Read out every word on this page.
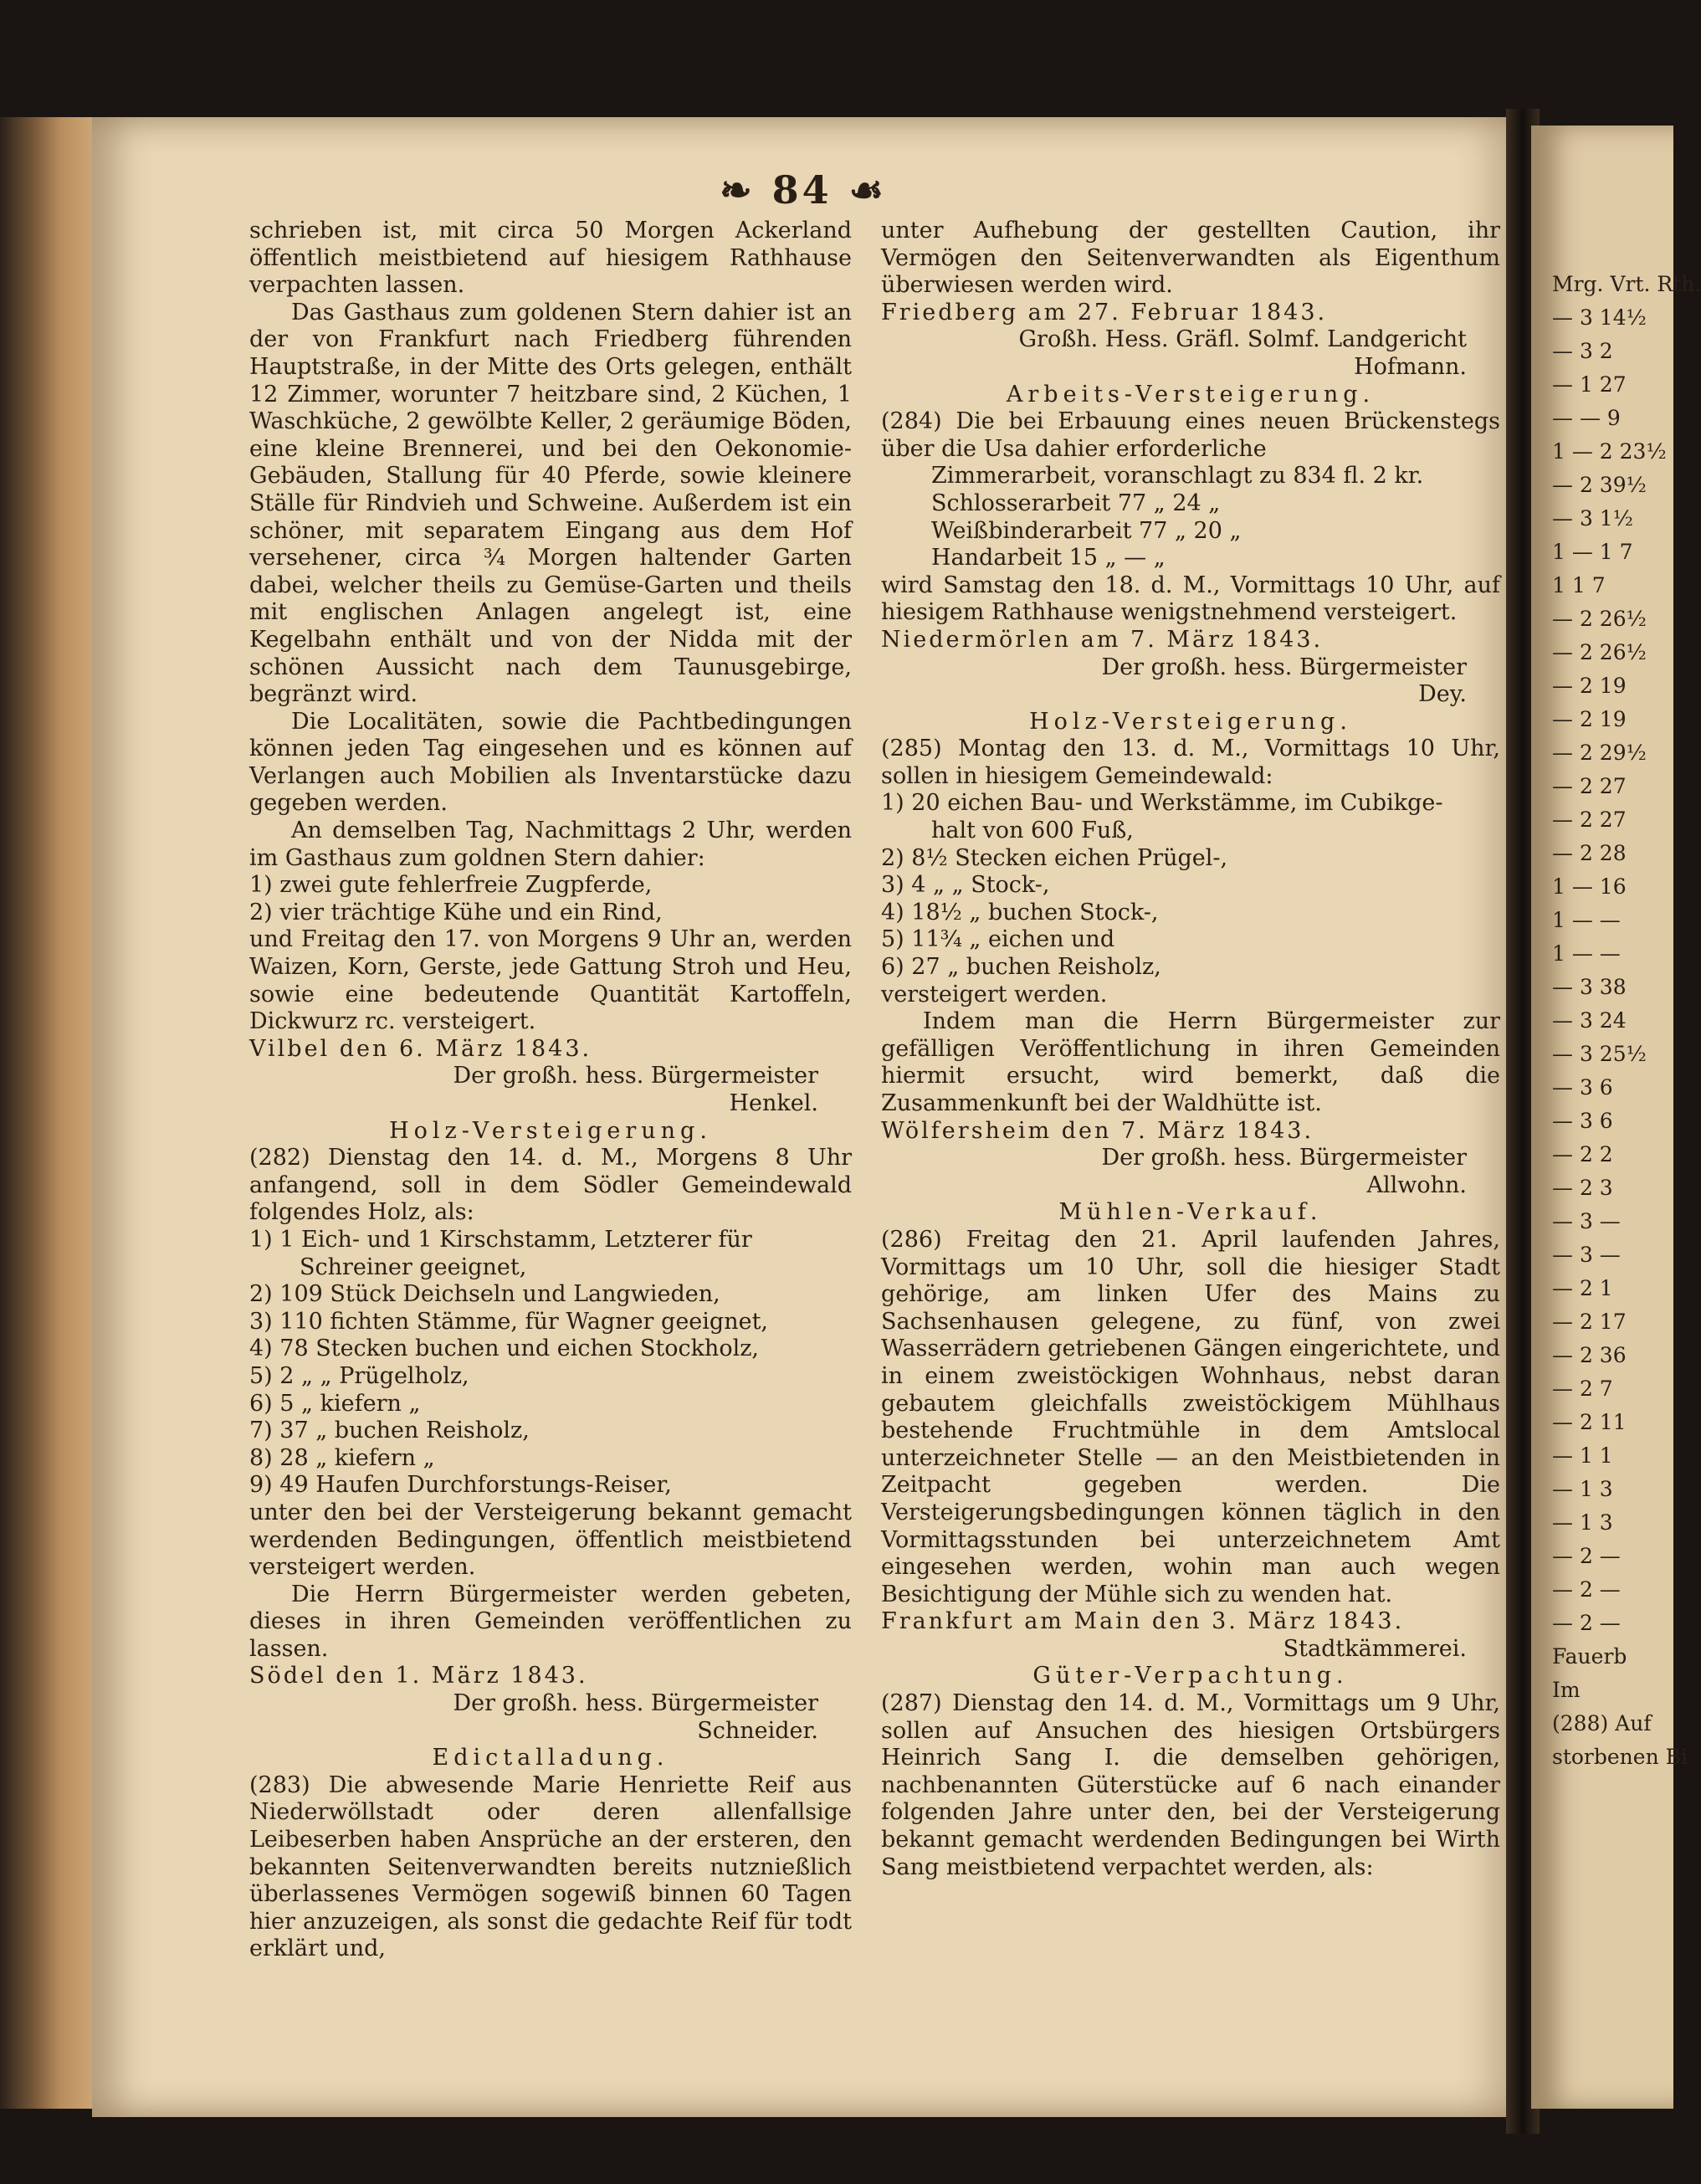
❧ 84 ☙
schrieben ist, mit circa 50 Morgen Ackerland öffentlich meistbietend auf hiesigem Rathhause verpachten lassen.
Das Gasthaus zum goldenen Stern dahier ist an der von Frankfurt nach Friedberg führenden Hauptstraße, in der Mitte des Orts gelegen, enthält 12 Zimmer, worunter 7 heitzbare sind, 2 Küchen, 1 Waschküche, 2 gewölbte Keller, 2 geräumige Böden, eine kleine Brennerei, und bei den Oekonomie-Gebäuden, Stallung für 40 Pferde, sowie kleinere Ställe für Rindvieh und Schweine. Außerdem ist ein schöner, mit separatem Eingang aus dem Hof versehener, circa ¾ Morgen haltender Garten dabei, welcher theils zu Gemüse-Garten und theils mit englischen Anlagen angelegt ist, eine Kegelbahn enthält und von der Nidda mit der schönen Aussicht nach dem Taunusgebirge, begränzt wird.
Die Localitäten, sowie die Pachtbedingungen können jeden Tag eingesehen und es können auf Verlangen auch Mobilien als Inventarstücke dazu gegeben werden.
An demselben Tag, Nachmittags 2 Uhr, werden im Gasthaus zum goldnen Stern dahier:
1) zwei gute fehlerfreie Zugpferde,
2) vier trächtige Kühe und ein Rind,
und Freitag den 17. von Morgens 9 Uhr an, werden Waizen, Korn, Gerste, jede Gattung Stroh und Heu, sowie eine bedeutende Quantität Kartoffeln, Dickwurz rc. versteigert.
Vilbel den 6. März 1843.
Der großh. hess. Bürgermeister
Henkel.
Holz-Versteigerung.
(282) Dienstag den 14. d. M., Morgens 8 Uhr anfangend, soll in dem Södler Gemeindewald folgendes Holz, als:
1) 1 Eich- und 1 Kirschstamm, Letzterer für
Schreiner geeignet,
2) 109 Stück Deichseln und Langwieden,
3) 110 fichten Stämme, für Wagner geeignet,
4) 78 Stecken buchen und eichen Stockholz,
5) 2 „ „ Prügelholz,
6) 5 „ kiefern „
7) 37 „ buchen Reisholz,
8) 28 „ kiefern „
9) 49 Haufen Durchforstungs-Reiser,
unter den bei der Versteigerung bekannt gemacht werdenden Bedingungen, öffentlich meistbietend versteigert werden.
Die Herrn Bürgermeister werden gebeten, dieses in ihren Gemeinden veröffentlichen zu lassen.
Södel den 1. März 1843.
Der großh. hess. Bürgermeister
Schneider.
Edictalladung.
(283) Die abwesende Marie Henriette Reif aus Niederwöllstadt oder deren allenfallsige Leibeserben haben Ansprüche an der ersteren, den bekannten Seitenverwandten bereits nutznießlich überlassenes Vermögen sogewiß binnen 60 Tagen hier anzuzeigen, als sonst die gedachte Reif für todt erklärt und,
unter Aufhebung der gestellten Caution, ihr Vermögen den Seitenverwandten als Eigenthum überwiesen werden wird.
Friedberg am 27. Februar 1843.
Großh. Hess. Gräfl. Solmf. Landgericht
Hofmann.
Arbeits-Versteigerung.
(284) Die bei Erbauung eines neuen Brückenstegs über die Usa dahier erforderliche
Zimmerarbeit, voranschlagt zu 834 fl. 2 kr.
Schlosserarbeit 77 „ 24 „
Weißbinderarbeit 77 „ 20 „
Handarbeit 15 „ — „
wird Samstag den 18. d. M., Vormittags 10 Uhr, auf hiesigem Rathhause wenigstnehmend versteigert.
Niedermörlen am 7. März 1843.
Der großh. hess. Bürgermeister
Dey.
Holz-Versteigerung.
(285) Montag den 13. d. M., Vormittags 10 Uhr, sollen in hiesigem Gemeindewald:
1) 20 eichen Bau- und Werkstämme, im Cubikge-
halt von 600 Fuß,
2) 8½ Stecken eichen Prügel-,
3) 4 „ „ Stock-,
4) 18½ „ buchen Stock-,
5) 11¾ „ eichen und
6) 27 „ buchen Reisholz,
versteigert werden.
Indem man die Herrn Bürgermeister zur gefälligen Veröffentlichung in ihren Gemeinden hiermit ersucht, wird bemerkt, daß die Zusammenkunft bei der Waldhütte ist.
Wölfersheim den 7. März 1843.
Der großh. hess. Bürgermeister
Allwohn.
Mühlen-Verkauf.
(286) Freitag den 21. April laufenden Jahres, Vormittags um 10 Uhr, soll die hiesiger Stadt gehörige, am linken Ufer des Mains zu Sachsenhausen gelegene, zu fünf, von zwei Wasserrädern getriebenen Gängen eingerichtete, und in einem zweistöckigen Wohnhaus, nebst daran gebautem gleichfalls zweistöckigem Mühlhaus bestehende Fruchtmühle in dem Amtslocal unterzeichneter Stelle — an den Meistbietenden in Zeitpacht gegeben werden. Die Versteigerungsbedingungen können täglich in den Vormittagsstunden bei unterzeichnetem Amt eingesehen werden, wohin man auch wegen Besichtigung der Mühle sich zu wenden hat.
Frankfurt am Main den 3. März 1843.
Stadtkämmerei.
Güter-Verpachtung.
(287) Dienstag den 14. d. M., Vormittags um 9 Uhr, sollen auf Ansuchen des hiesigen Ortsbürgers Heinrich Sang I. die demselben gehörigen, nachbenannten Güterstücke auf 6 nach einander folgenden Jahre unter den, bei der Versteigerung bekannt gemacht werdenden Bedingungen bei Wirth Sang meistbietend verpachtet werden, als:
Mrg. Vrt. Rth.
— 3 14½
— 3 2
— 1 27
— — 9
1 — 2 23½
— 2 39½
— 3 1½
1 — 1 7
1 1 7
— 2 26½
— 2 26½
— 2 19
— 2 19
— 2 29½
— 2 27
— 2 27
— 2 28
1 — 16
1 — —
1 — —
— 3 38
— 3 24
— 3 25½
— 3 6
— 3 6
— 2 2
— 2 3
— 3 —
— 3 —
— 2 1
— 2 17
— 2 36
— 2 7
— 2 11
— 1 1
— 1 3
— 1 3
— 2 —
— 2 —
— 2 —
Fauerb
Im
(288) Auf
storbenen Bi
